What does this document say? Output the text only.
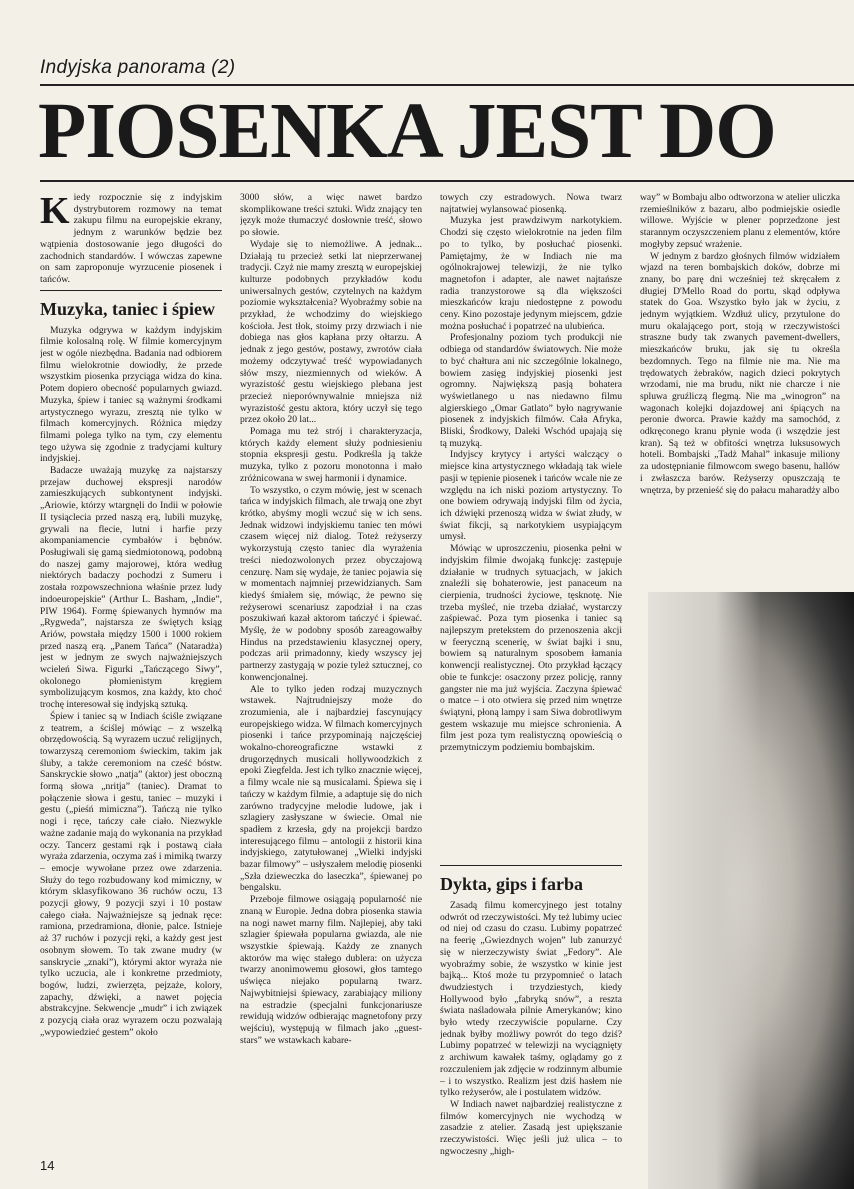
Indyjska panorama (2)
PIOSENKA JEST DO

Kiedy rozpocznie się z indyjskim dystrybutorem rozmowy na temat zakupu filmu na europejskie ekrany, jednym z warunków będzie bez wątpienia dostosowanie jego długości do zachodnich standardów. I wówczas zapewne on sam zaproponuje wyrzucenie piosenek i tańców.

Muzyka, taniec i śpiew

Muzyka odgrywa w każdym indyjskim filmie kolosalną rolę. W filmie komercyjnym jest w ogóle niezbędna. Badania nad odbiorem filmu wielokrotnie dowiodły, że przede wszystkim piosenka przyciąga widza do kina. Potem dopiero obecność popularnych gwiazd. Muzyka, śpiew i taniec są ważnymi środkami artystycznego wyrazu, zresztą nie tylko w filmach komercyjnych. Różnica między filmami polega tylko na tym, czy elementu tego używa się zgodnie z tradycjami kultury indyjskiej.

Badacze uważają muzykę za najstarszy przejaw duchowej ekspresji narodów zamieszkujących subkontynent indyjski. „Ariowie, którzy wtargnęli do Indii w połowie II tysiąclecia przed naszą erą, lubili muzykę, grywali na flecie, lutni i harfie przy akompaniamencie cymbałów i bębnów. Posługiwali się gamą siedmiotonową, podobną do naszej gamy majorowej, która według niektórych badaczy pochodzi z Sumeru i została rozpowszechniona właśnie przez ludy indoeuropejskie” (Arthur L. Basham, „Indie”, PIW 1964). Formę śpiewanych hymnów ma „Rygweda”, najstarsza ze świętych ksiąg Ariów, powstała między 1500 i 1000 rokiem przed naszą erą. „Panem Tańca” (Nataradża) jest w jednym ze swych najważniejszych wcieleń Siwa. Figurki „Tańczącego Siwy”, okolonego płomienistym kręgiem symbolizującym kosmos, zna każdy, kto choć trochę interesował się indyjską sztuką.

Śpiew i taniec są w Indiach ściśle związane z teatrem, a ściślej mówiąc – z wszelką obrzędowością. Są wyrazem uczuć religijnych, towarzyszą ceremoniom świeckim, takim jak śluby, a także ceremoniom na cześć bóstw. Sanskryckie słowo „natja” (aktor) jest oboczną formą słowa „nritja” (taniec). Dramat to połączenie słowa i gestu, taniec – muzyki i gestu („pieśń mimiczna”). Tańczą nie tylko nogi i ręce, tańczy całe ciało. Niezwykle ważne zadanie mają do wykonania na przykład oczy. Tancerz gestami rąk i postawą ciała wyraża zdarzenia, oczyma zaś i mimiką twarzy – emocje wywołane przez owe zdarzenia. Służy do tego rozbudowany kod mimiczny, w którym sklasyfikowano 36 ruchów oczu, 13 pozycji głowy, 9 pozycji szyi i 10 postaw całego ciała. Najważniejsze są jednak ręce: ramiona, przedramiona, dłonie, palce. Istnieje aż 37 ruchów i pozycji ręki, a każdy gest jest osobnym słowem. To tak zwane mudry (w sanskrycie „znaki”), którymi aktor wyraża nie tylko uczucia, ale i konkretne przedmioty, bogów, ludzi, zwierzęta, pejzaże, kolory, zapachy, dźwięki, a nawet pojęcia abstrakcyjne. Sekwencje „mudr” i ich związek z pozycją ciała oraz wyrazem oczu pozwalają „wypowiedzieć gestem” około

3000 słów, a więc nawet bardzo skomplikowane treści sztuki. Widz znający ten język może tłumaczyć dosłownie treść, słowo po słowie.

Wydaje się to niemożliwe. A jednak... Działają tu przecież setki lat nieprzerwanej tradycji. Czyż nie mamy zresztą w europejskiej kulturze podobnych przykładów kodu uniwersalnych gestów, czytelnych na każdym poziomie wykształcenia? Wyobraźmy sobie na przykład, że wchodzimy do wiejskiego kościoła. Jest tłok, stoimy przy drzwiach i nie dobiega nas głos kapłana przy ołtarzu. A jednak z jego gestów, postawy, zwrotów ciała możemy odczytywać treść wypowiadanych słów mszy, niezmiennych od wieków. A wyrazistość gestu wiejskiego plebana jest przecież nieporównywalnie mniejsza niż wyrazistość gestu aktora, który uczył się tego przez około 20 lat...

Pomaga mu też strój i charakteryzacja, których każdy element służy podniesieniu stopnia ekspresji gestu. Podkreśla ją także muzyka, tylko z pozoru monotonna i mało zróżnicowana w swej harmonii i dynamice.

To wszystko, o czym mówię, jest w scenach tańca w indyjskich filmach, ale trwają one zbyt krótko, abyśmy mogli wczuć się w ich sens. Jednak widzowi indyjskiemu taniec ten mówi czasem więcej niż dialog. Toteż reżyserzy wykorzystują często taniec dla wyrażenia treści niedozwolonych przez obyczajową cenzurę. Nam się wydaje, że taniec pojawia się w momentach najmniej przewidzianych. Sam kiedyś śmiałem się, mówiąc, że pewno się reżyserowi scenariusz zapodział i na czas poszukiwań kazał aktorom tańczyć i śpiewać. Myślę, że w podobny sposób zareagowałby Hindus na przedstawieniu klasycznej opery, podczas arii primadonny, kiedy wszyscy jej partnerzy zastygają w pozie tyleż sztucznej, co konwencjonalnej.

Ale to tylko jeden rodzaj muzycznych wstawek. Najtrudniejszy może do zrozumienia, ale i najbardziej fascynujący europejskiego widza. W filmach komercyjnych piosenki i tańce przypominają najczęściej wokalno-choreograficzne wstawki z drugorzędnych musicali hollywoodzkich z epoki Ziegfelda. Jest ich tylko znacznie więcej, a filmy wcale nie są musicalami. Śpiewa się i tańczy w każdym filmie, a adaptuje się do nich zarówno tradycyjne melodie ludowe, jak i szlagiery zasłyszane w świecie. Omal nie spadłem z krzesła, gdy na projekcji bardzo interesującego filmu – antologii z historii kina indyjskiego, zatytułowanej „Wielki indyjski bazar filmowy” – usłyszałem melodię piosenki „Szła dzieweczka do laseczka”, śpiewanej po bengalsku.

Przeboje filmowe osiągają popularność nie znaną w Europie. Jedna dobra piosenka stawia na nogi nawet marny film. Najlepiej, aby taki szlagier śpiewała popularna gwiazda, ale nie wszystkie śpiewają. Każdy ze znanych aktorów ma więc stałego dublera: on użycza twarzy anonimowemu głosowi, głos tamtego uświęca niejako popularną twarz. Najwybitniejsi śpiewacy, zarabiający miliony na estradzie (specjalni funkcjonariusze rewidują widzów odbierając magnetofony przy wejściu), występują w filmach jako „guest-stars” we wstawkach kabare-

towych czy estradowych. Nowa twarz najtatwiej wylansować piosenką.

Muzyka jest prawdziwym narkotykiem. Chodzi się często wielokrotnie na jeden film po to tylko, by posłuchać piosenki. Pamiętajmy, że w Indiach nie ma ogólnokrajowej telewizji, że nie tylko magnetofon i adapter, ale nawet najtańsze radia tranzystorowe są dla większości mieszkańców kraju niedostępne z powodu ceny. Kino pozostaje jedynym miejscem, gdzie można posłuchać i popatrzeć na ulubieńca.

Profesjonalny poziom tych produkcji nie odbiega od standardów światowych. Nie może to być chałtura ani nic szczególnie lokalnego, bowiem zasięg indyjskiej piosenki jest ogromny. Największą pasją bohatera wyświetlanego u nas niedawno filmu algierskiego „Omar Gatlato” było nagrywanie piosenek z indyjskich filmów. Cała Afryka, Bliski, Środkowy, Daleki Wschód upajają się tą muzyką.

Indyjscy krytycy i artyści walczący o miejsce kina artystycznego wkładają tak wiele pasji w tępienie piosenek i tańców wcale nie ze względu na ich niski poziom artystyczny. To one bowiem odrywają indyjski film od życia, ich dźwięki przenoszą widza w świat złudy, w świat fikcji, są narkotykiem usypiającym umysł.

Mówiąc w uproszczeniu, piosenka pełni w indyjskim filmie dwojaką funkcję: zastępuje działanie w trudnych sytuacjach, w jakich znaleźli się bohaterowie, jest panaceum na cierpienia, trudności życiowe, tęsknotę. Nie trzeba myśleć, nie trzeba działać, wystarczy zaśpiewać. Poza tym piosenka i taniec są najlepszym pretekstem do przenoszenia akcji w feeryczną scenerię, w świat bajki i snu, bowiem są naturalnym sposobem łamania konwencji realistycznej. Oto przykład łączący obie te funkcje: osaczony przez policję, ranny gangster nie ma już wyjścia. Zaczyna śpiewać o matce – i oto otwiera się przed nim wnętrze świątyni, płoną lampy i sam Siwa dobrotliwym gestem wskazuje mu miejsce schronienia. A film jest poza tym realistyczną opowieścią o przemytniczym podziemiu bombajskim.

Dykta, gips i farba

Zasadą filmu komercyjnego jest totalny odwrót od rzeczywistości. My też lubimy uciec od niej od czasu do czasu. Lubimy popatrzeć na feerię „Gwiezdnych wojen” lub zanurzyć się w nierzeczywisty świat „Fedory”. Ale wyobraźmy sobie, że wszystko w kinie jest bajką... Ktoś może tu przypomnieć o latach dwudziestych i trzydziestych, kiedy Hollywood było „fabryką snów”, a reszta świata naśladowała pilnie Amerykanów; kino było wtedy rzeczywiście popularne. Czy jednak byłby możliwy powrót do tego dziś? Lubimy popatrzeć w telewizji na wyciągnięty z archiwum kawałek taśmy, oglądamy go z rozczuleniem jak zdjęcie w rodzinnym albumie – i to wszystko. Realizm jest dziś hasłem nie tylko reżyserów, ale i postulatem widzów.

W Indiach nawet najbardziej realistyczne z filmów komercyjnych nie wychodzą w zasadzie z atelier. Zasadą jest upiększanie rzeczywistości. Więc jeśli już ulica – to ngwoczesny „high-

way” w Bombaju albo odtworzona w atelier uliczka rzemieślników z bazaru, albo podmiejskie osiedle willowe. Wyjście w plener poprzedzone jest starannym oczyszczeniem planu z elementów, które mogłyby zepsuć wrażenie.

W jednym z bardzo głośnych filmów widziałem wjazd na teren bombajskich doków, dobrze mi znany, bo parę dni wcześniej też skręcałem z długiej D'Mello Road do portu, skąd odpływa statek do Goa. Wszystko było jak w życiu, z jednym wyjątkiem. Wzdłuż ulicy, przytulone do muru okalającego port, stoją w rzeczywistości straszne budy tak zwanych pavement-dwellers, mieszkańców bruku, jak się tu określa bezdomnych. Tego na filmie nie ma. Nie ma trędowatych żebraków, nagich dzieci pokrytych wrzodami, nie ma brudu, nikt nie charcze i nie spluwa gruźliczą flegmą. Nie ma „winogron” na wagonach kolejki dojazdowej ani śpiących na peronie dworca. Prawie każdy ma samochód, z odkręconego kranu płynie woda (i wszędzie jest kran). Są też w obfitości wnętrza luksusowych hoteli. Bombajski „Tadż Mahal” inkasuje miliony za udostępnianie filmowcom swego basenu, hallów i zwłaszcza barów. Reżyserzy opuszczają te wnętrza, by przenieść się do pałacu maharadży albo

14
